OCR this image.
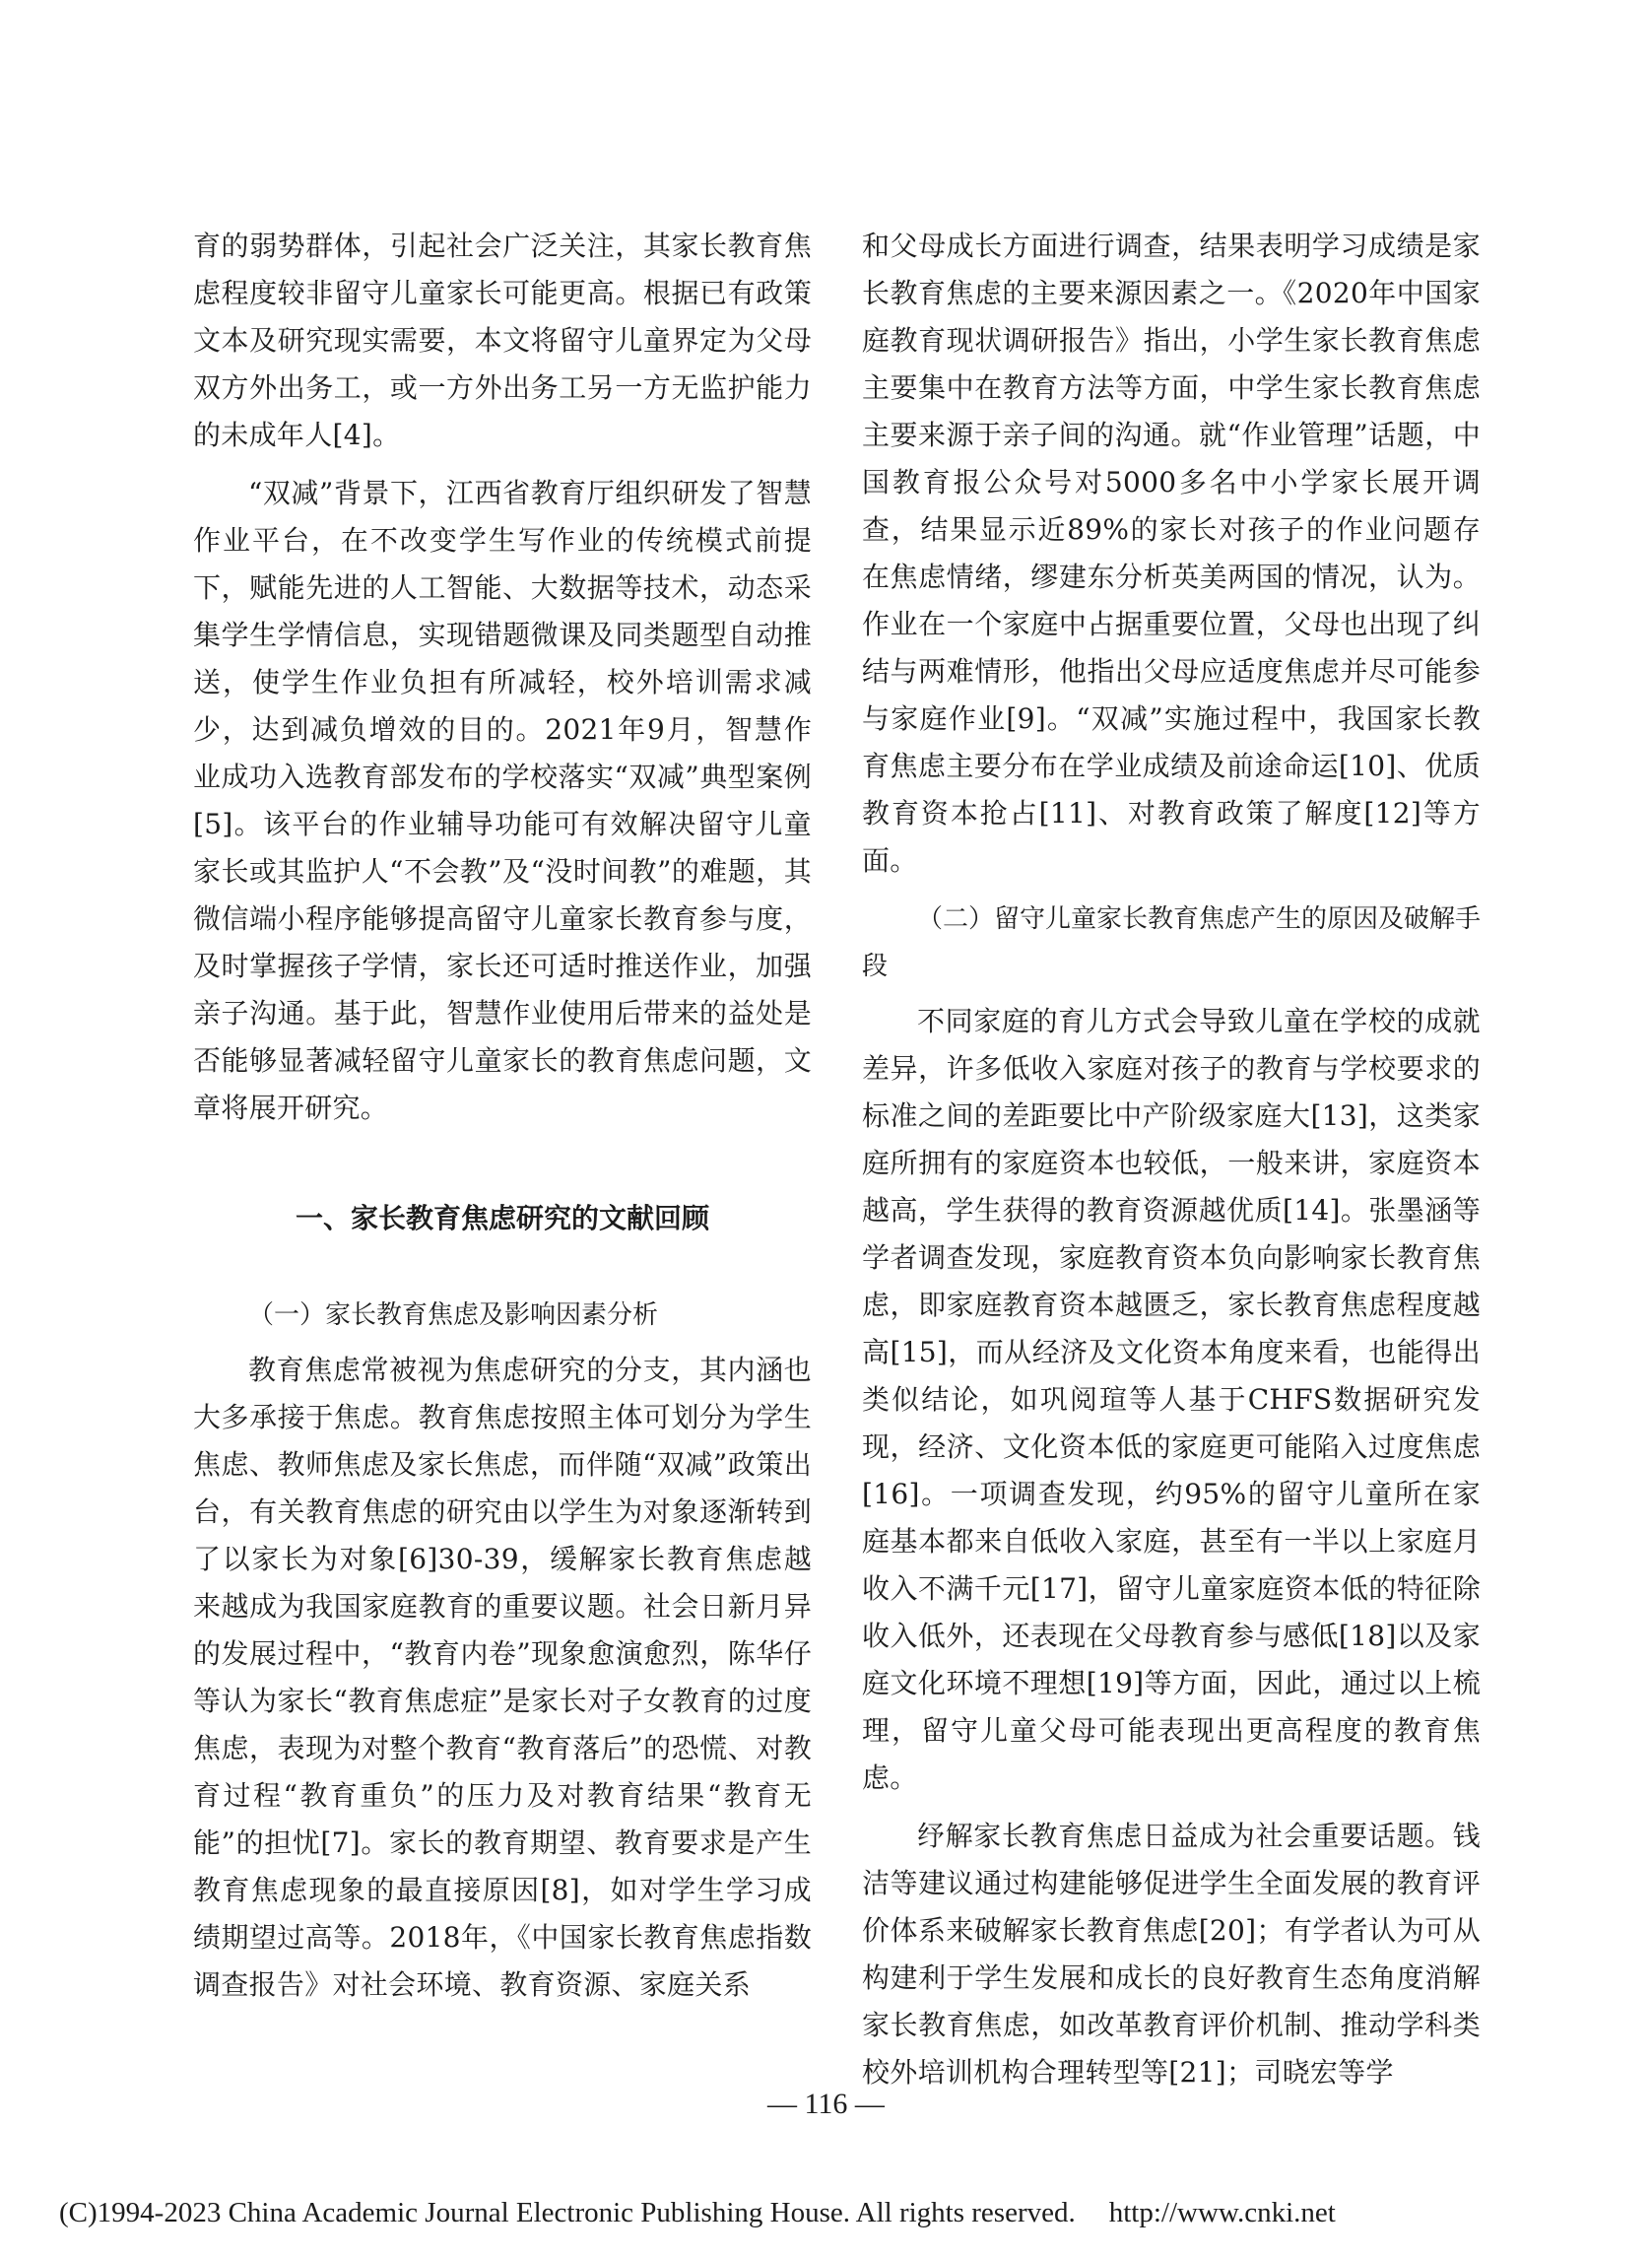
育的弱势群体，引起社会广泛关注，其家长教育焦虑程度较非留守儿童家长可能更高。根据已有政策文本及研究现实需要，本文将留守儿童界定为父母双方外出务工，或一方外出务工另一方无监护能力的未成年人[4]。

“双减”背景下，江西省教育厅组织研发了智慧作业平台，在不改变学生写作业的传统模式前提下，赋能先进的人工智能、大数据等技术，动态采集学生学情信息，实现错题微课及同类题型自动推送，使学生作业负担有所减轻，校外培训需求减少，达到减负增效的目的。2021年9月，智慧作业成功入选教育部发布的学校落实“双减”典型案例[5]。该平台的作业辅导功能可有效解决留守儿童家长或其监护人“不会教”及“没时间教”的难题，其微信端小程序能够提高留守儿童家长教育参与度，及时掌握孩子学情，家长还可适时推送作业，加强亲子沟通。基于此，智慧作业使用后带来的益处是否能够显著减轻留守儿童家长的教育焦虑问题，文章将展开研究。

一、家长教育焦虑研究的文献回顾
（一）家长教育焦虑及影响因素分析

教育焦虑常被视为焦虑研究的分支，其内涵也大多承接于焦虑。教育焦虑按照主体可划分为学生焦虑、教师焦虑及家长焦虑，而伴随“双减”政策出台，有关教育焦虑的研究由以学生为对象逐渐转到了以家长为对象[6]30-39，缓解家长教育焦虑越来越成为我国家庭教育的重要议题。社会日新月异的发展过程中，“教育内卷”现象愈演愈烈，陈华仔等认为家长“教育焦虑症”是家长对子女教育的过度焦虑，表现为对整个教育“教育落后”的恐慌、对教育过程“教育重负”的压力及对教育结果“教育无能”的担忧[7]。家长的教育期望、教育要求是产生教育焦虑现象的最直接原因[8]，如对学生学习成绩期望过高等。2018年，《中国家长教育焦虑指数调查报告》对社会环境、教育资源、家庭关系

和父母成长方面进行调查，结果表明学习成绩是家长教育焦虑的主要来源因素之一。《2020年中国家庭教育现状调研报告》指出，小学生家长教育焦虑主要集中在教育方法等方面，中学生家长教育焦虑主要来源于亲子间的沟通。就“作业管理”话题，中国教育报公众号对5000多名中小学家长展开调查，结果显示近89%的家长对孩子的作业问题存在焦虑情绪，缪建东分析英美两国的情况，认为。作业在一个家庭中占据重要位置，父母也出现了纠结与两难情形，他指出父母应适度焦虑并尽可能参与家庭作业[9]。“双减”实施过程中，我国家长教育焦虑主要分布在学业成绩及前途命运[10]、优质教育资本抢占[11]、对教育政策了解度[12]等方面。

（二）留守儿童家长教育焦虑产生的原因及破解手段

不同家庭的育儿方式会导致儿童在学校的成就差异，许多低收入家庭对孩子的教育与学校要求的标准之间的差距要比中产阶级家庭大[13]，这类家庭所拥有的家庭资本也较低，一般来讲，家庭资本越高，学生获得的教育资源越优质[14]。张墨涵等学者调查发现，家庭教育资本负向影响家长教育焦虑，即家庭教育资本越匮乏，家长教育焦虑程度越高[15]，而从经济及文化资本角度来看，也能得出类似结论，如巩阅瑄等人基于CHFS数据研究发现，经济、文化资本低的家庭更可能陷入过度焦虑[16]。一项调查发现，约95%的留守儿童所在家庭基本都来自低收入家庭，甚至有一半以上家庭月收入不满千元[17]，留守儿童家庭资本低的特征除收入低外，还表现在父母教育参与感低[18]以及家庭文化环境不理想[19]等方面，因此，通过以上梳理，留守儿童父母可能表现出更高程度的教育焦虑。

纾解家长教育焦虑日益成为社会重要话题。钱洁等建议通过构建能够促进学生全面发展的教育评价体系来破解家长教育焦虑[20]；有学者认为可从构建利于学生发展和成长的良好教育生态角度消解家长教育焦虑，如改革教育评价机制、推动学科类校外培训机构合理转型等[21]；司晓宏等学

— 116 —
(C)1994-2023 China Academic Journal Electronic Publishing House. All rights reserved. http://www.cnki.net
